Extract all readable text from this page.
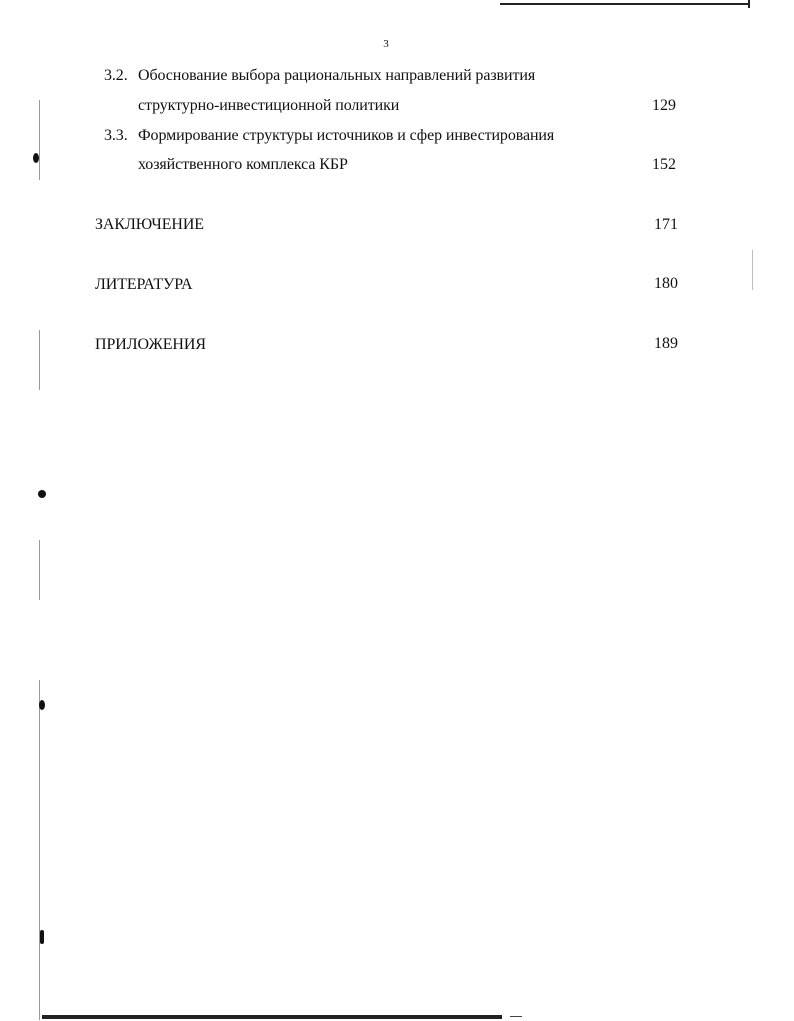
3
3.2. Обоснование выбора рациональных направлений развития
структурно-инвестиционной политики	129
3.3. Формирование структуры источников и сфер инвестирования
хозяйственного комплекса КБР	152
ЗАКЛЮЧЕНИЕ	171
ЛИТЕРАТУРА	180
ПРИЛОЖЕНИЯ	189
